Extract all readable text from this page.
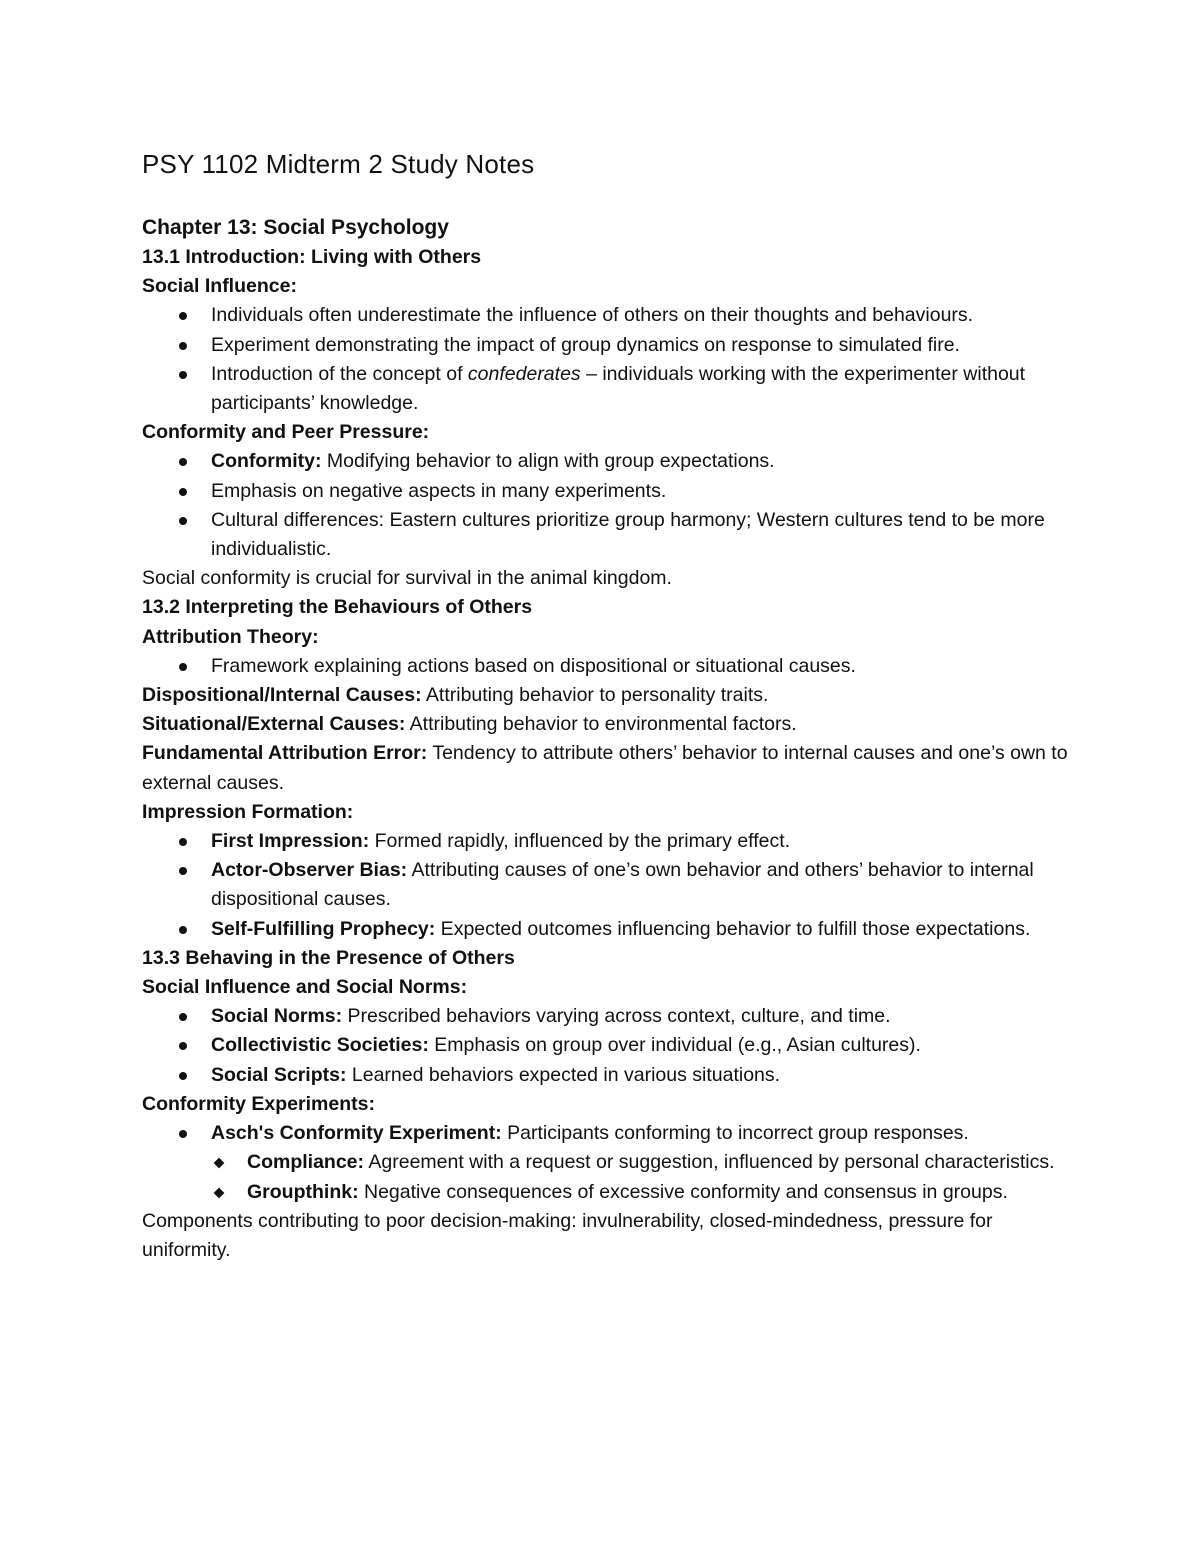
PSY 1102 Midterm 2 Study Notes
Chapter 13: Social Psychology
13.1 Introduction: Living with Others
Social Influence:
Individuals often underestimate the influence of others on their thoughts and behaviours.
Experiment demonstrating the impact of group dynamics on response to simulated fire.
Introduction of the concept of confederates – individuals working with the experimenter without participants’ knowledge.
Conformity and Peer Pressure:
Conformity: Modifying behavior to align with group expectations.
Emphasis on negative aspects in many experiments.
Cultural differences: Eastern cultures prioritize group harmony; Western cultures tend to be more individualistic.
Social conformity is crucial for survival in the animal kingdom.
13.2 Interpreting the Behaviours of Others
Attribution Theory:
Framework explaining actions based on dispositional or situational causes.
Dispositional/Internal Causes: Attributing behavior to personality traits.
Situational/External Causes: Attributing behavior to environmental factors.
Fundamental Attribution Error: Tendency to attribute others’ behavior to internal causes and one’s own to external causes.
Impression Formation:
First Impression: Formed rapidly, influenced by the primary effect.
Actor-Observer Bias: Attributing causes of one’s own behavior and others’ behavior to internal dispositional causes.
Self-Fulfilling Prophecy: Expected outcomes influencing behavior to fulfill those expectations.
13.3 Behaving in the Presence of Others
Social Influence and Social Norms:
Social Norms: Prescribed behaviors varying across context, culture, and time.
Collectivistic Societies: Emphasis on group over individual (e.g., Asian cultures).
Social Scripts: Learned behaviors expected in various situations.
Conformity Experiments:
Asch's Conformity Experiment: Participants conforming to incorrect group responses.
Compliance: Agreement with a request or suggestion, influenced by personal characteristics.
Groupthink: Negative consequences of excessive conformity and consensus in groups.
Components contributing to poor decision-making: invulnerability, closed-mindedness, pressure for uniformity.
